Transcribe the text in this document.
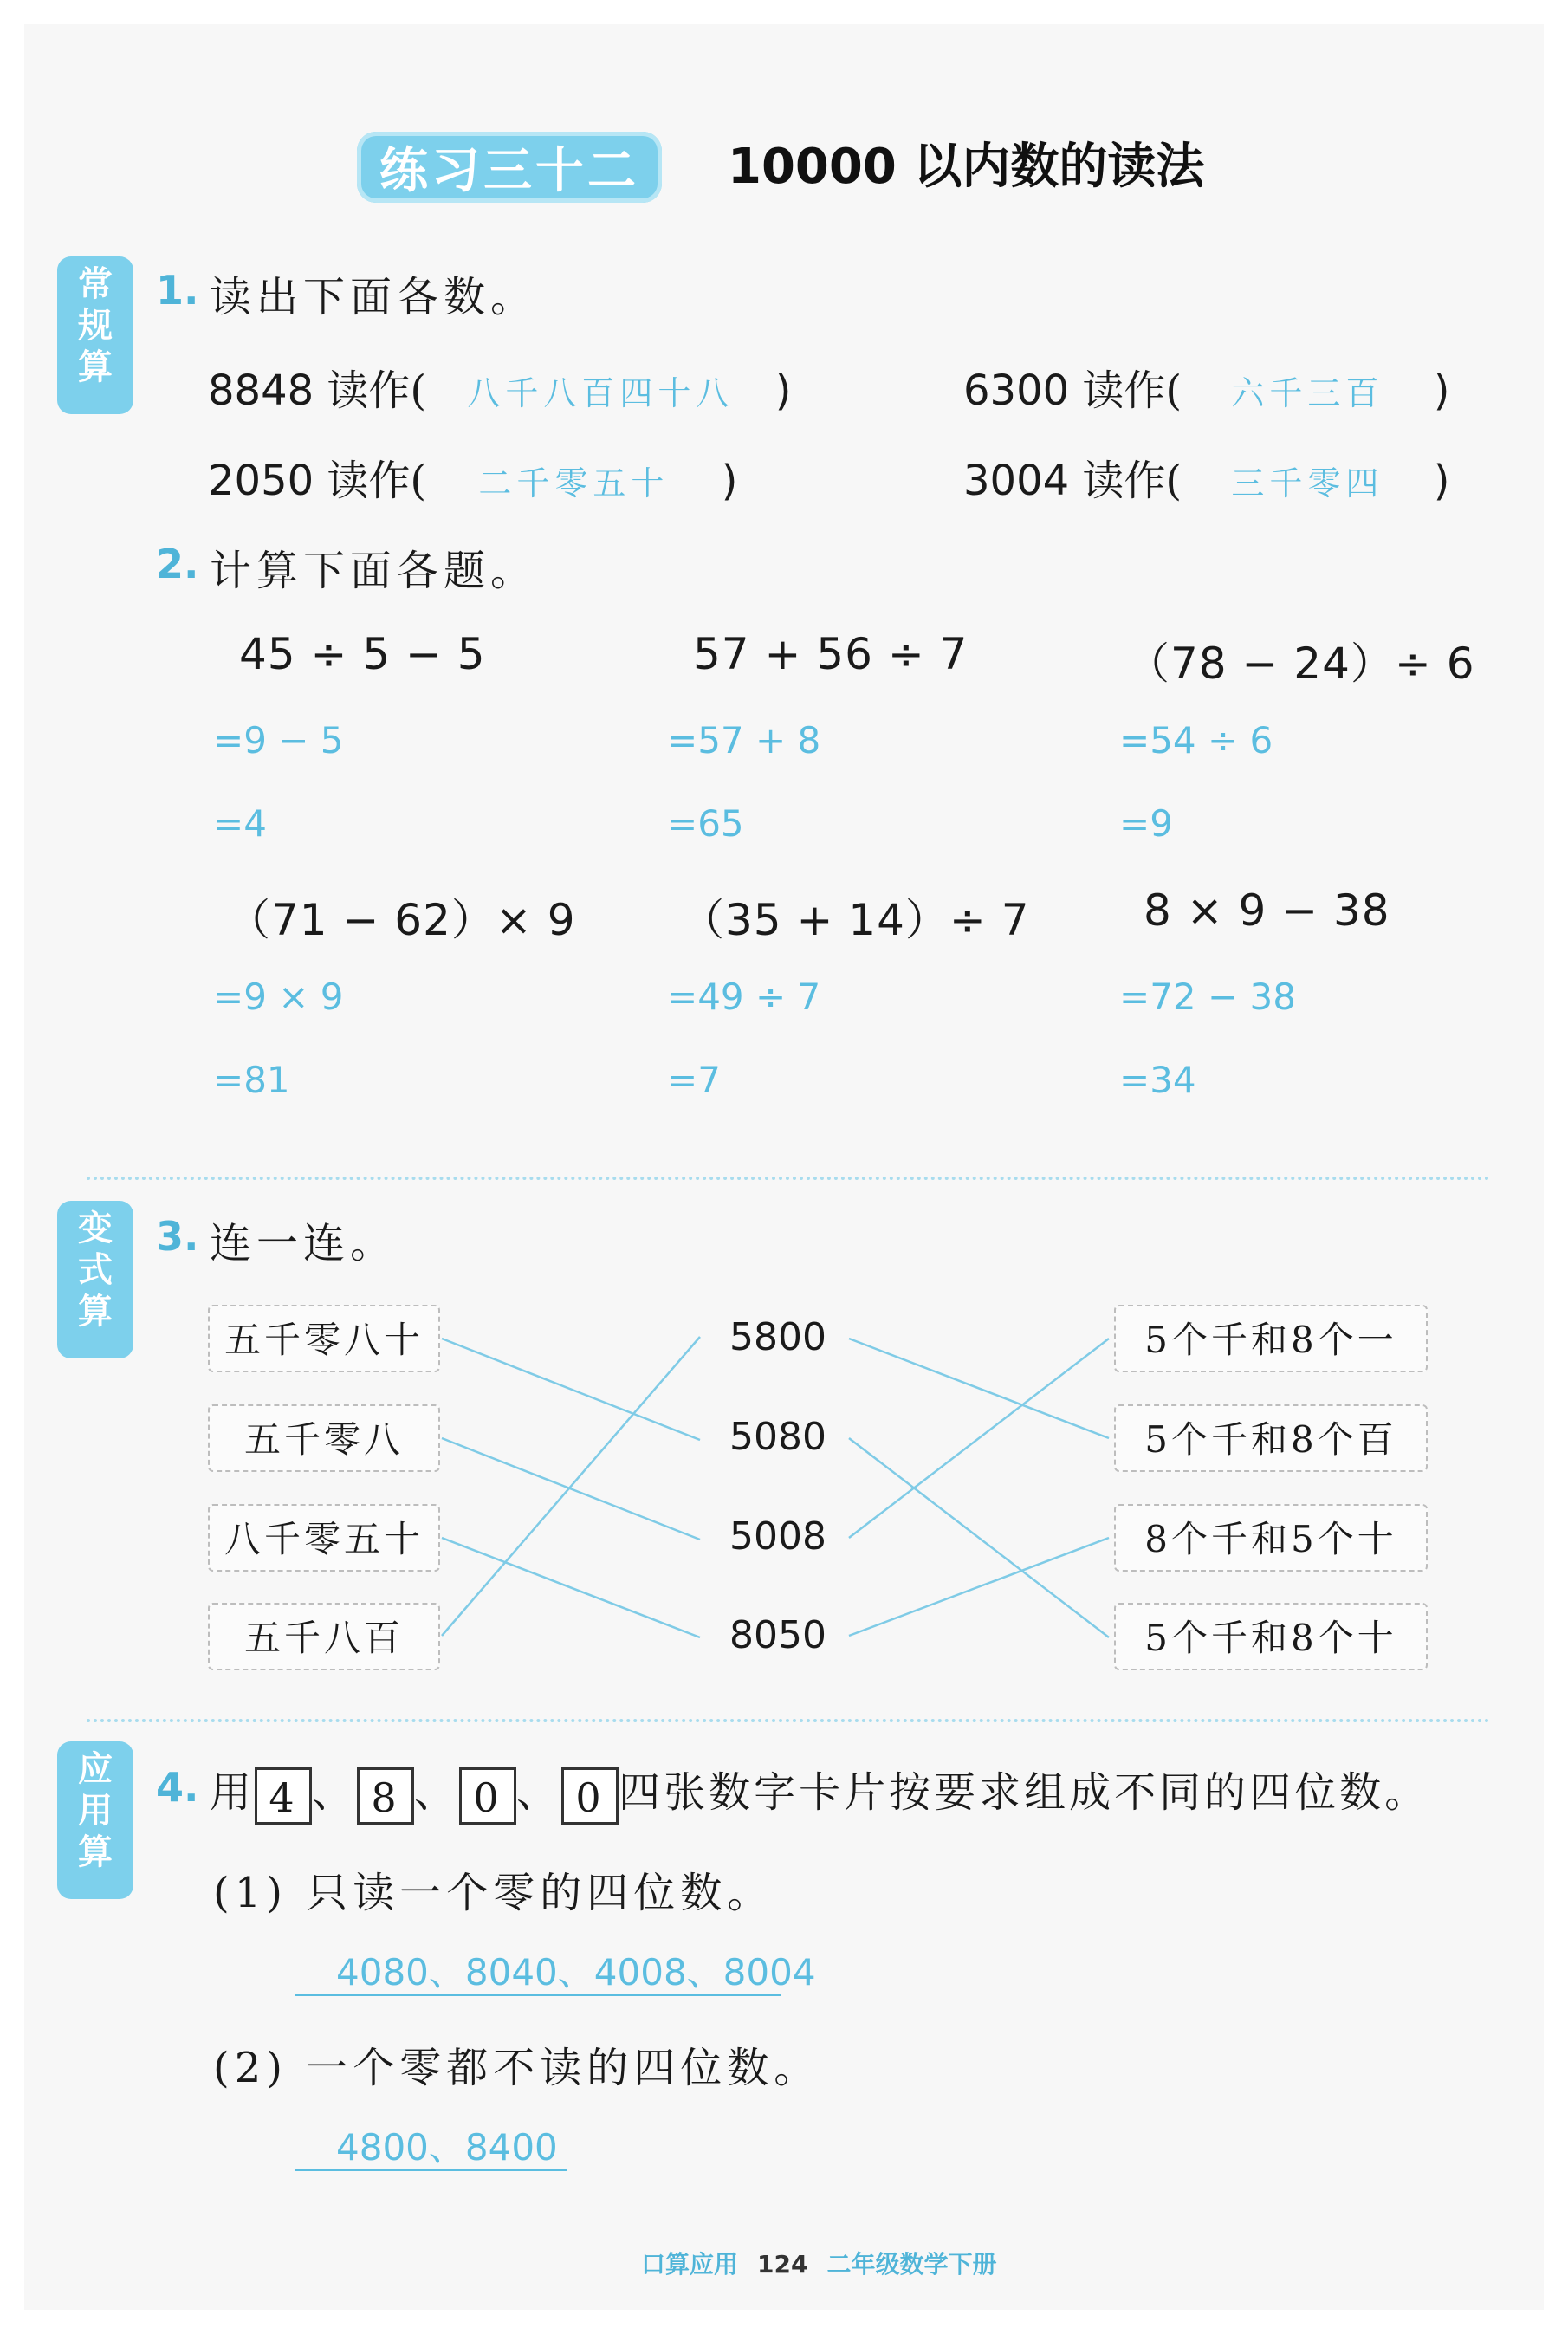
练习三十二 10000 以内数的读法
常
规
算
1. 读出下面各数。
8848 读作( 八千八百四十八 )	6300 读作( 六千三百 )
2050 读作( 二千零五十 )	3004 读作( 三千零四 )
2. 计算下面各题。
45 ÷ 5 − 5
=9 − 5
=4
57 + 56 ÷ 7
=57 + 8
=65
（78 − 24）÷ 6
=54 ÷ 6
=9
（71 − 62）× 9
=9 × 9
=81
（35 + 14）÷ 7
=49 ÷ 7
=7
8 × 9 − 38
=72 − 38
=34
变
式
算
3. 连一连。
五千零八十
五千零八
八千零五十
五千八百
5800
5080
5008
8050
5个千和8个一
5个千和8个百
8个千和5个十
5个千和8个十
应
用
算
4. 用 4 、 8 、 0 、 0 四张数字卡片按要求组成不同的四位数。
(1) 只读一个零的四位数。
4080、8040、4008、8004
(2) 一个零都不读的四位数。
4800、8400
口算应用 124 二年级数学下册
